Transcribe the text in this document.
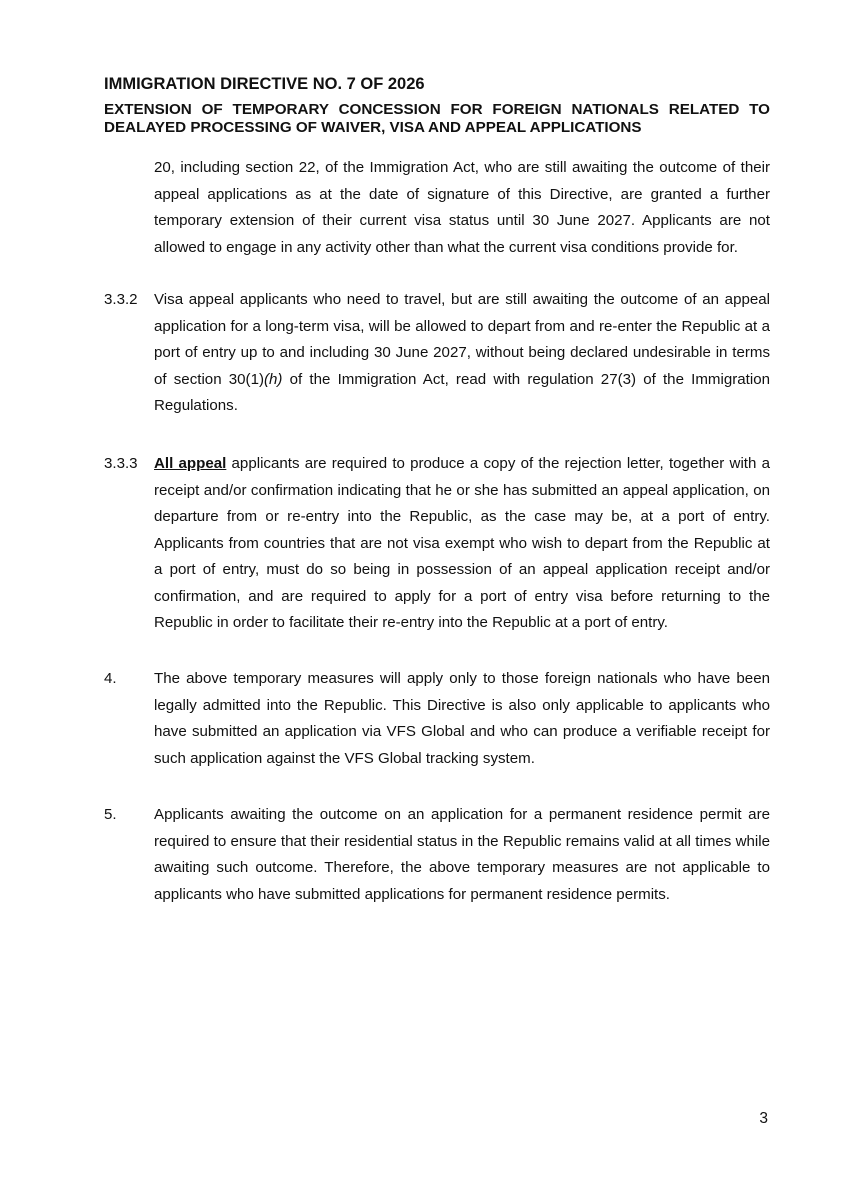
IMMIGRATION DIRECTIVE NO. 7 OF 2026
EXTENSION OF TEMPORARY CONCESSION FOR FOREIGN NATIONALS RELATED TO DEALAYED PROCESSING OF WAIVER, VISA AND APPEAL APPLICATIONS
20, including section 22, of the Immigration Act, who are still awaiting the outcome of their appeal applications as at the date of signature of this Directive, are granted a further temporary extension of their current visa status until 30 June 2027. Applicants are not allowed to engage in any activity other than what the current visa conditions provide for.
3.3.2 Visa appeal applicants who need to travel, but are still awaiting the outcome of an appeal application for a long-term visa, will be allowed to depart from and re-enter the Republic at a port of entry up to and including 30 June 2027, without being declared undesirable in terms of section 30(1)(h) of the Immigration Act, read with regulation 27(3) of the Immigration Regulations.
3.3.3 All appeal applicants are required to produce a copy of the rejection letter, together with a receipt and/or confirmation indicating that he or she has submitted an appeal application, on departure from or re-entry into the Republic, as the case may be, at a port of entry. Applicants from countries that are not visa exempt who wish to depart from the Republic at a port of entry, must do so being in possession of an appeal application receipt and/or confirmation, and are required to apply for a port of entry visa before returning to the Republic in order to facilitate their re-entry into the Republic at a port of entry.
4. The above temporary measures will apply only to those foreign nationals who have been legally admitted into the Republic. This Directive is also only applicable to applicants who have submitted an application via VFS Global and who can produce a verifiable receipt for such application against the VFS Global tracking system.
5. Applicants awaiting the outcome on an application for a permanent residence permit are required to ensure that their residential status in the Republic remains valid at all times while awaiting such outcome. Therefore, the above temporary measures are not applicable to applicants who have submitted applications for permanent residence permits.
3
